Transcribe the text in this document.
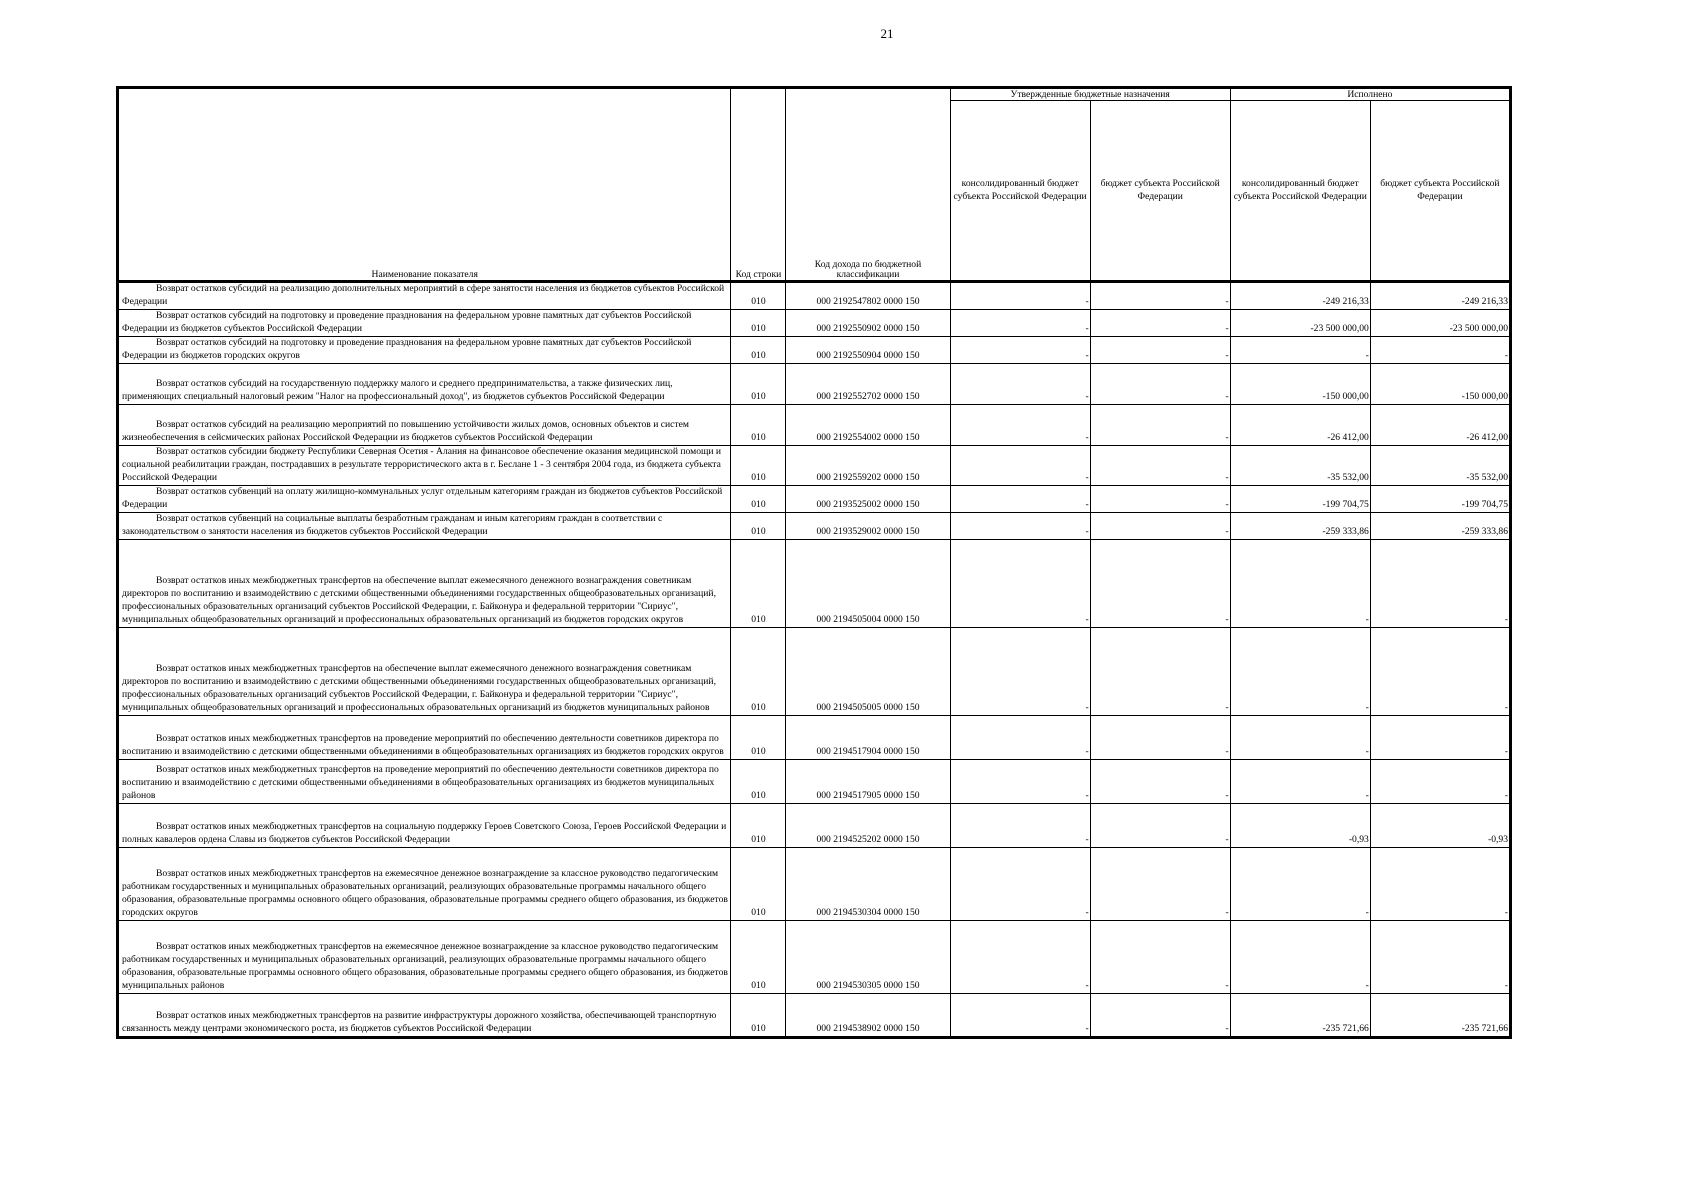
21
Наименование показателя	Код строки	Код дохода по бюджетной классификации	Утвержденные бюджетные назначения		Исполнено	
			консолидированный бюджет субъекта Российской Федерации	бюджет субъекта Российской Федерации	консолидированный бюджет субъекта Российской Федерации	бюджет субъекта Российской Федерации

Возврат остатков субсидий на реализацию дополнительных мероприятий в сфере занятости населения из бюджетов субъектов Российской Федерации	010	000 2192547802 0000 150	-	-	-249 216,33	-249 216,33

Возврат остатков субсидий на подготовку и проведение празднования на федеральном уровне памятных дат субъектов Российской Федерации из бюджетов субъектов Российской Федерации	010	000 2192550902 0000 150	-	-	-23 500 000,00	-23 500 000,00

Возврат остатков субсидий на подготовку и проведение празднования на федеральном уровне памятных дат субъектов Российской Федерации из бюджетов городских округов	010	000 2192550904 0000 150	-	-	-	-

Возврат остатков субсидий на государственную поддержку малого и среднего предпринимательства, а также физических лиц, применяющих специальный налоговый режим "Налог на профессиональный доход", из бюджетов субъектов Российской Федерации	010	000 2192552702 0000 150	-	-	-150 000,00	-150 000,00

Возврат остатков субсидий на реализацию мероприятий по повышению устойчивости жилых домов, основных объектов и систем жизнеобеспечения в сейсмических районах Российской Федерации из бюджетов субъектов Российской Федерации	010	000 2192554002 0000 150	-	-	-26 412,00	-26 412,00

Возврат остатков субсидии бюджету Республики Северная Осетия - Алания на финансовое обеспечение оказания медицинской помощи и социальной реабилитации граждан, пострадавших в результате террористического акта в г. Беслане 1 - 3 сентября 2004 года, из бюджета субъекта Российской Федерации	010	000 2192559202 0000 150	-	-	-35 532,00	-35 532,00

Возврат остатков субвенций на оплату жилищно-коммунальных услуг отдельным категориям граждан из бюджетов субъектов Российской Федерации	010	000 2193525002 0000 150	-	-	-199 704,75	-199 704,75

Возврат остатков субвенций на социальные выплаты безработным гражданам и иным категориям граждан в соответствии с законодательством о занятости населения из бюджетов субъектов Российской Федерации	010	000 2193529002 0000 150	-	-	-259 333,86	-259 333,86

Возврат остатков иных межбюджетных трансфертов на обеспечение выплат ежемесячного денежного вознаграждения советникам директоров по воспитанию и взаимодействию с детскими общественными объединениями государственных общеобразовательных организаций, профессиональных образовательных организаций субъектов Российской Федерации, г. Байконура и федеральной территории "Сириус", муниципальных общеобразовательных организаций и профессиональных образовательных организаций из бюджетов городских округов	010	000 2194505004 0000 150	-	-	-	-

Возврат остатков иных межбюджетных трансфертов на обеспечение выплат ежемесячного денежного вознаграждения советникам директоров по воспитанию и взаимодействию с детскими общественными объединениями государственных общеобразовательных организаций, профессиональных образовательных организаций субъектов Российской Федерации, г. Байконура и федеральной территории "Сириус", муниципальных общеобразовательных организаций и профессиональных образовательных организаций из бюджетов муниципальных районов	010	000 2194505005 0000 150	-	-	-	-

Возврат остатков иных межбюджетных трансфертов на проведение мероприятий по обеспечению деятельности советников директора по воспитанию и взаимодействию с детскими общественными объединениями в общеобразовательных организациях из бюджетов городских округов	010	000 2194517904 0000 150	-	-	-	-

Возврат остатков иных межбюджетных трансфертов на проведение мероприятий по обеспечению деятельности советников директора по воспитанию и взаимодействию с детскими общественными объединениями в общеобразовательных организациях из бюджетов муниципальных районов	010	000 2194517905 0000 150	-	-	-	-

Возврат остатков иных межбюджетных трансфертов на социальную поддержку Героев Советского Союза, Героев Российской Федерации и полных кавалеров ордена Славы из бюджетов субъектов Российской Федерации	010	000 2194525202 0000 150	-	-	-0,93	-0,93

Возврат остатков иных межбюджетных трансфертов на ежемесячное денежное вознаграждение за классное руководство педагогическим работникам государственных и муниципальных образовательных организаций, реализующих образовательные программы начального общего образования, образовательные программы основного общего образования, образовательные программы среднего общего образования, из бюджетов городских округов	010	000 2194530304 0000 150	-	-	-	-

Возврат остатков иных межбюджетных трансфертов на ежемесячное денежное вознаграждение за классное руководство педагогическим работникам государственных и муниципальных образовательных организаций, реализующих образовательные программы начального общего образования, образовательные программы основного общего образования, образовательные программы среднего общего образования, из бюджетов муниципальных районов	010	000 2194530305 0000 150	-	-	-	-

Возврат остатков иных межбюджетных трансфертов на развитие инфраструктуры дорожного хозяйства, обеспечивающей транспортную связанность между центрами экономического роста, из бюджетов субъектов Российской Федерации	010	000 2194538902 0000 150	-	-	-235 721,66	-235 721,66
